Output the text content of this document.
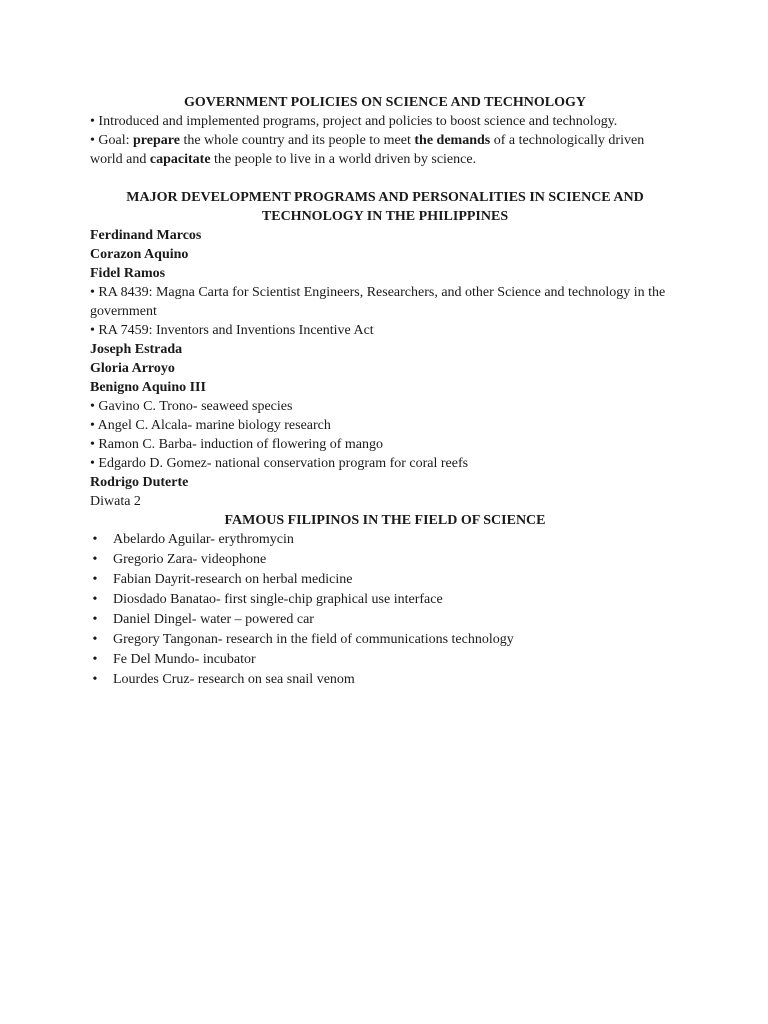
GOVERNMENT POLICIES ON SCIENCE AND TECHNOLOGY

• Introduced and implemented programs, project and policies to boost science and technology.

• Goal: prepare the whole country and its people to meet the demands of a technologically driven world and capacitate the people to live in a world driven by science.

MAJOR DEVELOPMENT PROGRAMS AND PERSONALITIES IN SCIENCE AND TECHNOLOGY IN THE PHILIPPINES

Ferdinand Marcos

Corazon Aquino

Fidel Ramos

• RA 8439: Magna Carta for Scientist Engineers, Researchers, and other Science and technology in the government

• RA 7459: Inventors and Inventions Incentive Act

Joseph Estrada

Gloria Arroyo

Benigno Aquino III

• Gavino C. Trono- seaweed species

• Angel C. Alcala- marine biology research

• Ramon C. Barba- induction of flowering of mango

• Edgardo D. Gomez- national conservation program for coral reefs

Rodrigo Duterte

Diwata 2

FAMOUS FILIPINOS IN THE FIELD OF SCIENCE

• Abelardo Aguilar- erythromycin

• Gregorio Zara- videophone

• Fabian Dayrit-research on herbal medicine

• Diosdado Banatao- first single-chip graphical use interface

• Daniel Dingel- water – powered car

• Gregory Tangonan- research in the field of communications technology

• Fe Del Mundo- incubator

• Lourdes Cruz- research on sea snail venom
